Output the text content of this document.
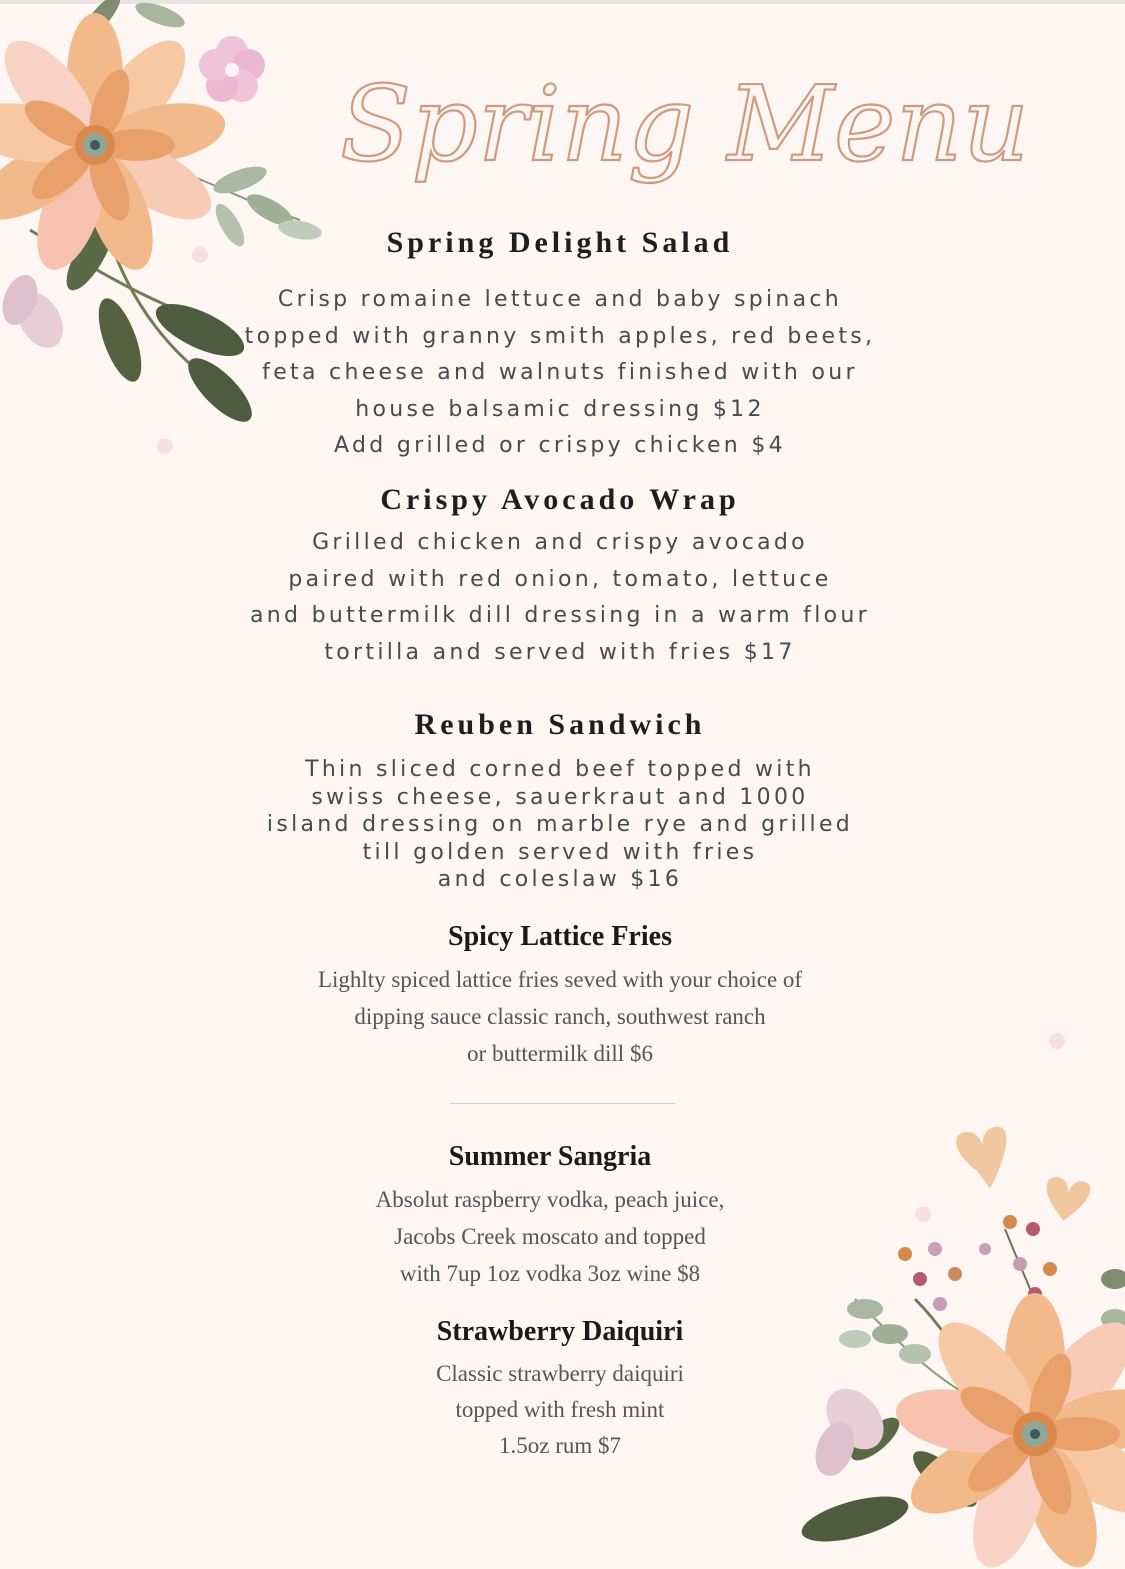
Spring Menu
Spring Delight Salad
Crisp romaine lettuce and baby spinach
topped with granny smith apples, red beets,
feta cheese and walnuts finished with our
house balsamic dressing $12
Add grilled or crispy chicken $4
Crispy Avocado Wrap
Grilled chicken and crispy avocado
paired with red onion, tomato, lettuce
and buttermilk dill dressing in a warm flour
tortilla and served with fries $17
Reuben Sandwich
Thin sliced corned beef topped with
swiss cheese, sauerkraut and 1000
island dressing on marble rye and grilled
till golden served with fries
and coleslaw $16
Spicy Lattice Fries
Lighlty spiced lattice fries seved with your choice of
dipping sauce classic ranch, southwest ranch
or buttermilk dill $6
Summer Sangria
Absolut raspberry vodka, peach juice,
Jacobs Creek moscato and topped
with 7up 1oz vodka 3oz wine $8
Strawberry Daiquiri
Classic strawberry daiquiri
topped with fresh mint
1.5oz rum $7
